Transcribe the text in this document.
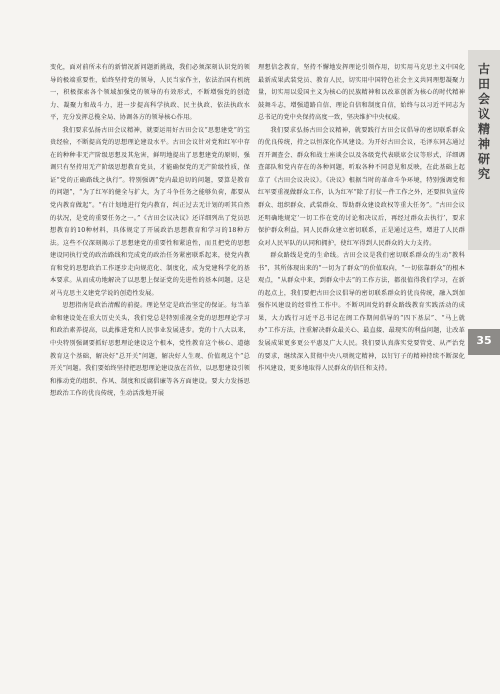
变化，面对前所未有的新情况新问题新挑战，我们必须深刻认识党的领导的极端重要性，始终坚持党的领导，人民当家作主，依法治国有机统一，积极探索各个领域加强党的领导的有效形式，不断增强党的创造力、凝聚力和战斗力，进一步提高科学执政、民主执政、依法执政水平，充分发挥总揽全局、协调各方的领导核心作用。

我们要求弘扬古田会议精神，就要运用好古田会议“思想建党”的宝贵经验，不断提高党的思想理论建设水平。古田会议针对党和红军中存在的种种非无产阶级思想及其危害，鲜明地提出了思想建党的原则，强调只有坚持用无产阶级思想教育党员，才能确保党的无产阶级性质，保证“党的正确路线之执行”。特别强调“党内最迫切的问题，要算是教育的问题”，“为了红军的健全与扩大，为了斗争任务之能够负荷，都要从党内教育做起”。“有计划地进行党内教育，纠正过去无计划的听其自然的状况，是党的重要任务之一。”《古田会议决议》还详细列出了党员思想教育的10种材料，具体规定了开展政治思想教育和学习的18种方法。这些不仅深刻揭示了思想建党的重要性和紧迫性，而且把党的思想建设同执行党的政治路线和完成党的政治任务紧密联系起来，使党内教育和党的思想政治工作逐步走向规范化、制度化，成为党建科学化的基本要求。从而成功地解决了以思想上保证党的先进性的基本问题。这是对马克思主义建党学说的创造性发展。

思想指南是政治清醒的前提。理论坚定是政治坚定的保证。每当革命和建设处在重大历史关头，我们党总是特别重视全党的思想理论学习和政治素养提高，以此推进党和人民事业发展进步。党的十八大以来，中央特别强调要抓好思想理论建设这个根本，党性教育这个核心、道德教育这个基础，解决好“总开关”问题，解决好人生观、价值观这个“总开关”问题。我们要始终坚持把思想理论建设放在首位，以思想建设引领和推动党的组织、作风、制度和反腐倡廉等各方面建设。要大力发扬思想政治工作的优良传统，生动活泼地开展

理想信念教育，坚持不懈地发挥理论引领作用，切实用马克思主义中国化最新成果武装党员、教育人民，切实用中国特色社会主义共同理想凝聚力量，切实用以爱国主义为核心的民族精神和以改革创新为核心的时代精神鼓舞斗志，增强道路自信、理论自信和制度自信，始终与以习近平同志为总书记的党中央保持高度一致，坚决维护中央权威。

我们要求弘扬古田会议精神，就要践行古田会议倡导的密切联系群众的优良传统，持之以恒深化作风建设。为开好古田会议，毛泽东同志通过召开调查会、群众和战士座谈会以及各级党代表联席会议等形式，详细调查部队和党内存在的各种问题，听取各种不同意见和反映，在此基础上起草了《古田会议决议》。《决议》根据当时的革命斗争环境，特别强调党和红军要重视做群众工作，认为红军“除了打仗一件工作之外，还要担负宣传群众、组织群众、武装群众、帮助群众建设政权等重大任务”。“古田会议还明确地规定‘一切工作在党的讨论和决议后，再经过群众去执行’，要求保护群众利益，同人民群众建立密切联系，正是通过这些，增进了人民群众对人民军队的认同和拥护，使红军得到人民群众的大力支持。

群众路线是党的生命线。古田会议是我们密切联系群众的生动“教科书”，其所体现出来的“一切为了群众”的价值取向，“一切依靠群众”的根本观点，“从群众中来，到群众中去”的工作方法，都很值得我们学习，在新的起点上，我们要把古田会议倡导的密切联系群众的优良传统，融入到加强作风建设的经常性工作中。不断巩固党的群众路线教育实践活动的成果，大力践行习近平总书记在闽工作期间倡导的“四下基层”、“马上就办”工作方法，注重解决群众最关心、最直接、最现实的利益问题，让改革发展成果更多更公平惠及广大人民。我们要认真落实党要管党、从严治党的要求，继续深入贯彻中央八项规定精神，以钉钉子的精神持续不断深化作风建设，更多地取得人民群众的信任和支持。

古
田
会
议
精
神
研
究
35
